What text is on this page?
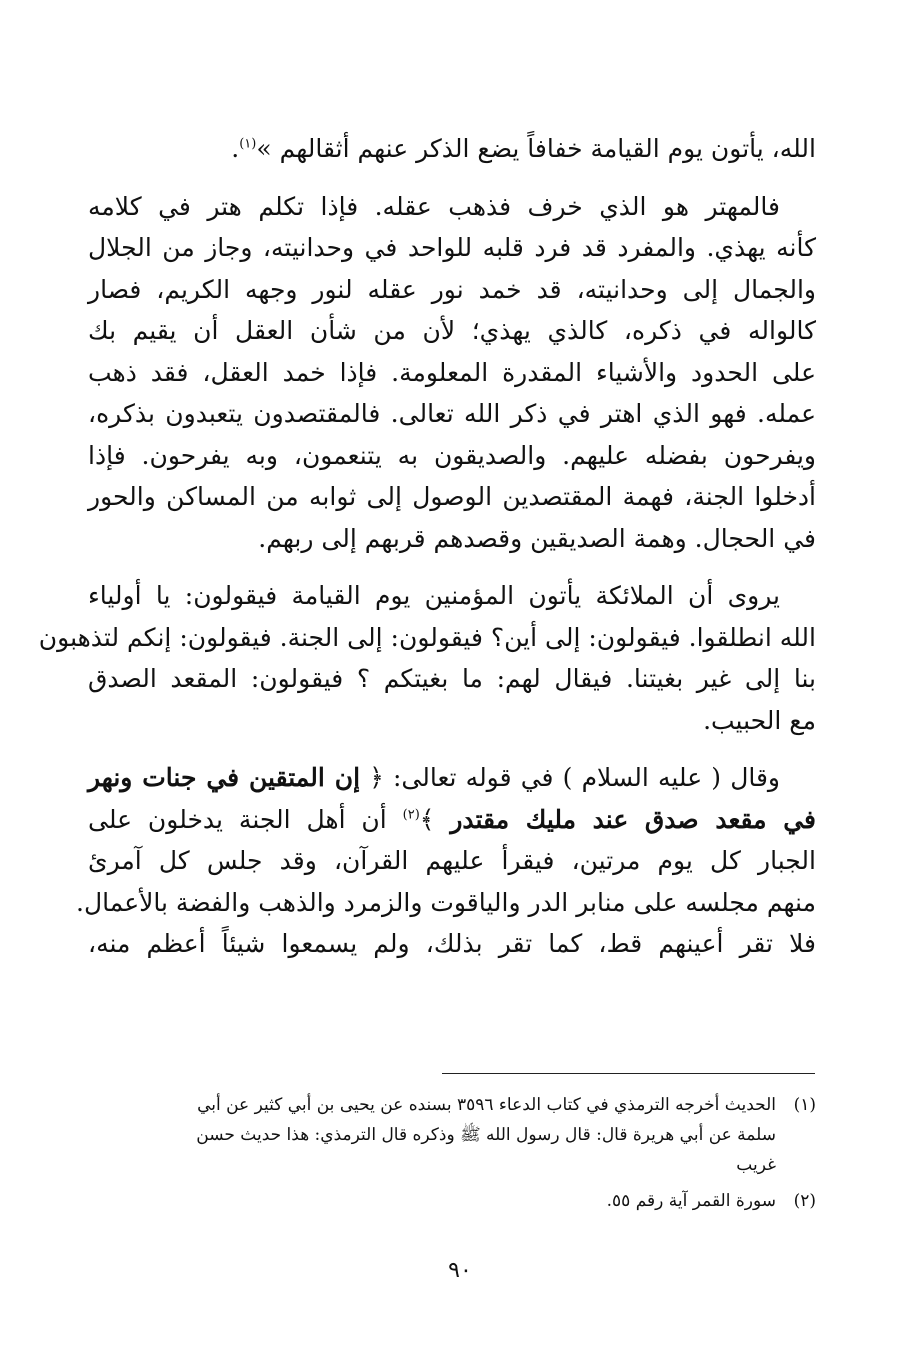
الله، يأتون يوم القيامة خفافاً يضع الذكر عنهم أثقالهم »$^{(١)}$.

فالمهتر هو الذي خرف فذهب عقله. فإذا تكلم هتر في كلامه
كأنه يهذي. والمفرد قد فرد قلبه للواحد في وحدانيته، وجاز من الجلال
والجمال إلى وحدانيته، قد خمد نور عقله لنور وجهه الكريم، فصار
كالواله في ذكره، كالذي يهذي؛ لأن من شأن العقل أن يقيم بك
على الحدود والأشياء المقدرة المعلومة. فإذا خمد العقل، فقد ذهب
عمله. فهو الذي اهتر في ذكر الله تعالى. فالمقتصدون يتعبدون بذكره،
ويفرحون بفضله عليهم. والصديقون به يتنعمون، وبه يفرحون. فإذا
أدخلوا الجنة، فهمة المقتصدين الوصول إلى ثوابه من المساكن والحور
في الحجال. وهمة الصديقين وقصدهم قربهم إلى ربهم.

يروى أن الملائكة يأتون المؤمنين يوم القيامة فيقولون: يا أولياء
الله انطلقوا. فيقولون: إلى أين؟ فيقولون: إلى الجنة. فيقولون: إنكم لتذهبون
بنا إلى غير بغيتنا. فيقال لهم: ما بغيتكم ؟ فيقولون: المقعد الصدق
مع الحبيب.

وقال ( عليه السلام ) في قوله تعالى: ﴿ إن المتقين في جنات ونهر
في مقعد صدق عند مليك مقتدر ﴾$^{(٢)}$ أن أهل الجنة يدخلون على
الجبار كل يوم مرتين، فيقرأ عليهم القرآن، وقد جلس كل آمرئ
منهم مجلسه على منابر الدر والياقوت والزمرد والذهب والفضة بالأعمال.
فلا تقر أعينهم قط، كما تقر بذلك، ولم يسمعوا شيئاً أعظم منه،

(١)الحديث أخرجه الترمذي في كتاب الدعاء ٣٥٩٦ بسنده عن يحيى بن أبي كثير عن أبي
سلمة عن أبي هريرة قال: قال رسول الله ﷺ وذكره قال الترمذي: هذا حديث حسن
غريب
(٢)سورة القمر آية رقم ٥٥.
٩٠
